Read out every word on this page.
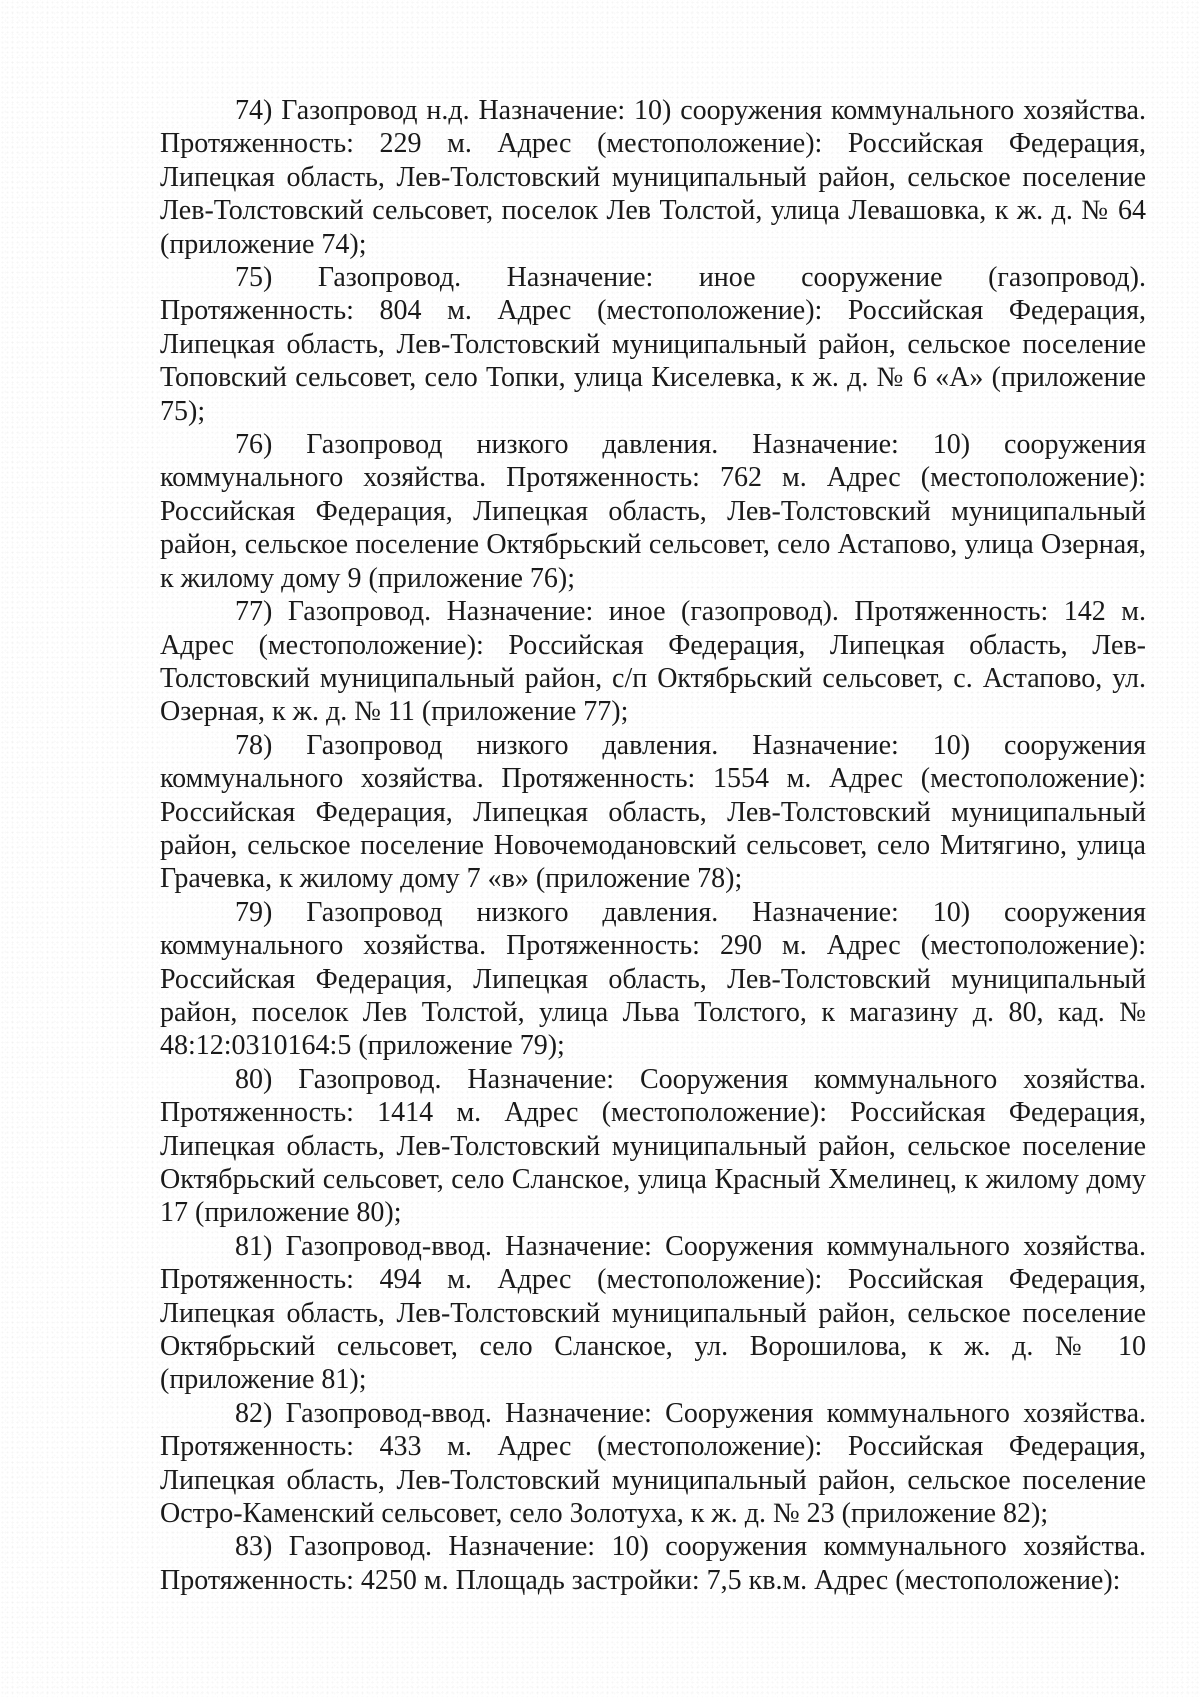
74) Газопровод н.д. Назначение: 10) сооружения коммунального хозяйства. Протяженность: 229 м. Адрес (местоположение): Российская Федерация, Липецкая область, Лев-Толстовский муниципальный район, сельское поселение Лев-Толстовский сельсовет, поселок Лев Толстой, улица Левашовка, к ж. д. № 64 (приложение 74);

75) Газопровод. Назначение: иное сооружение (газопровод). Протяженность: 804 м. Адрес (местоположение): Российская Федерация, Липецкая область, Лев-Толстовский муниципальный район, сельское поселение Топовский сельсовет, село Топки, улица Киселевка, к ж. д. № 6 «А» (приложение 75);

76) Газопровод низкого давления. Назначение: 10) сооружения коммунального хозяйства. Протяженность: 762 м. Адрес (местоположение): Российская Федерация, Липецкая область, Лев-Толстовский муниципальный район, сельское поселение Октябрьский сельсовет, село Астапово, улица Озерная, к жилому дому 9 (приложение 76);

77) Газопровод. Назначение: иное (газопровод). Протяженность: 142 м. Адрес (местоположение): Российская Федерация, Липецкая область, Лев-Толстовский муниципальный район, с/п Октябрьский сельсовет, с. Астапово, ул. Озерная, к ж. д. № 11 (приложение 77);

78) Газопровод низкого давления. Назначение: 10) сооружения коммунального хозяйства. Протяженность: 1554 м. Адрес (местоположение): Российская Федерация, Липецкая область, Лев-Толстовский муниципальный район, сельское поселение Новочемодановский сельсовет, село Митягино, улица Грачевка, к жилому дому 7 «в» (приложение 78);

79) Газопровод низкого давления. Назначение: 10) сооружения коммунального хозяйства. Протяженность: 290 м. Адрес (местоположение): Российская Федерация, Липецкая область, Лев-Толстовский муниципальный район, поселок Лев Толстой, улица Льва Толстого, к магазину д. 80, кад. № 48:12:0310164:5 (приложение 79);

80) Газопровод. Назначение: Сооружения коммунального хозяйства. Протяженность: 1414 м. Адрес (местоположение): Российская Федерация, Липецкая область, Лев-Толстовский муниципальный район, сельское поселение Октябрьский сельсовет, село Сланское, улица Красный Хмелинец, к жилому дому 17 (приложение 80);

81) Газопровод-ввод. Назначение: Сооружения коммунального хозяйства. Протяженность: 494 м. Адрес (местоположение): Российская Федерация, Липецкая область, Лев-Толстовский муниципальный район, сельское поселение Октябрьский сельсовет, село Сланское, ул. Ворошилова, к ж. д. № 10 (приложение 81);

82) Газопровод-ввод. Назначение: Сооружения коммунального хозяйства. Протяженность: 433 м. Адрес (местоположение): Российская Федерация, Липецкая область, Лев-Толстовский муниципальный район, сельское поселение Остро-Каменский сельсовет, село Золотуха, к ж. д. № 23 (приложение 82);

83) Газопровод. Назначение: 10) сооружения коммунального хозяйства. Протяженность: 4250 м. Площадь застройки: 7,5 кв.м. Адрес (местоположение):
